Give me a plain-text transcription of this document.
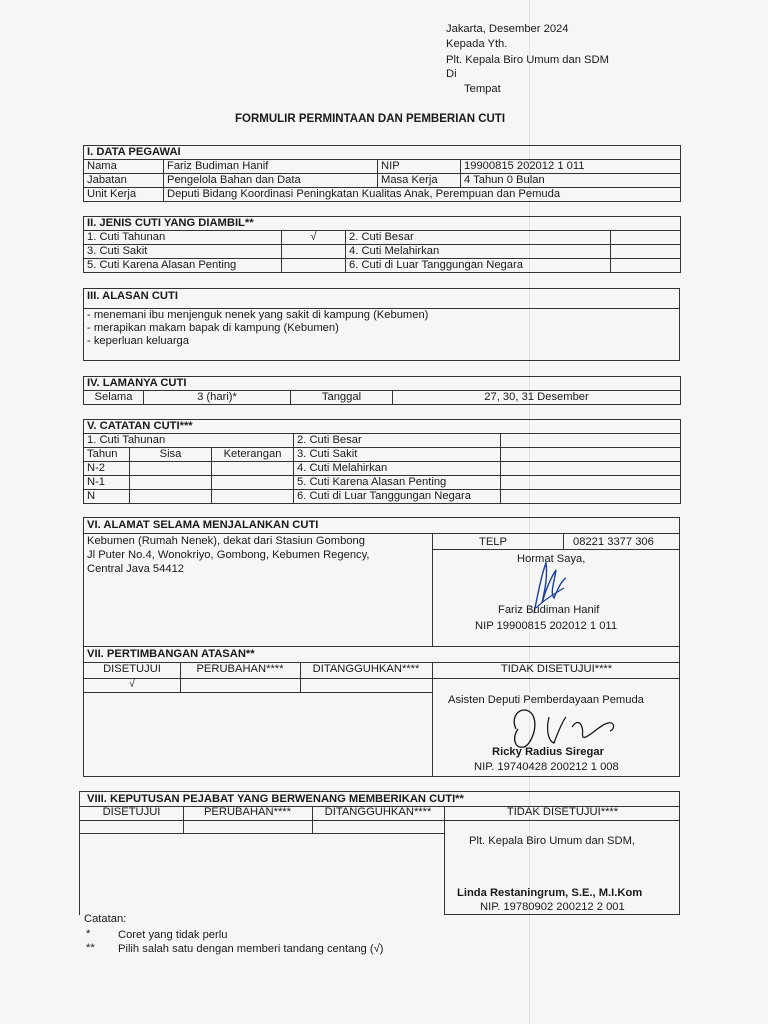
Jakarta, Desember 2024
Kepada Yth.
Plt. Kepala Biro Umum dan SDM
Di
Tempat
FORMULIR PERMINTAAN DAN PEMBERIAN CUTI
I. DATA PEGAWAI			
Nama	Fariz Budiman Hanif	NIP	19900815 202012 1 011
Jabatan	Pengelola Bahan dan Data	Masa Kerja	4 Tahun 0 Bulan
Unit Kerja	Deputi Bidang Koordinasi Peningkatan Kualitas Anak, Perempuan dan Pemuda		
II. JENIS CUTI YANG DIAMBIL**			
1. Cuti Tahunan	√	2. Cuti Besar	
3. Cuti Sakit		4. Cuti Melahirkan	
5. Cuti Karena Alasan Penting		6. Cuti di Luar Tanggungan Negara	
III. ALASAN CUTI
- menemani ibu menjenguk nenek yang sakit di kampung (Kebumen)
- merapikan makam bapak di kampung (Kebumen)
- keperluan keluarga
IV. LAMANYA CUTI
Selama	3 (hari)*	Tanggal	27, 30, 31 Desember
V. CATATAN CUTI***				
1. Cuti Tahunan			2. Cuti Besar	
Tahun	Sisa	Keterangan	3. Cuti Sakit	
N-2			4. Cuti Melahirkan	
N-1			5. Cuti Karena Alasan Penting	
N			6. Cuti di Luar Tanggungan Negara	
VI. ALAMAT SELAMA MENJALANKAN CUTI
Kebumen (Rumah Nenek), dekat dari Stasiun Gombong
Jl Puter No.4, Wonokriyo, Gombong, Kebumen Regency,
Central Java 54412
TELP	08221 3377 306
Hormat Saya,
Fariz Budiman Hanif
NIP 19900815 202012 1 011
VII. PERTIMBANGAN ATASAN**
DISETUJUI	PERUBAHAN****	DITANGGUHKAN****	TIDAK DISETUJUI****
√
Asisten Deputi Pemberdayaan Pemuda
Ricky Radius Siregar
NIP. 19740428 200212 1 008
VIII. KEPUTUSAN PEJABAT YANG BERWENANG MEMBERIKAN CUTI**
DISETUJUI	PERUBAHAN****	DITANGGUHKAN****	TIDAK DISETUJUI****
Plt. Kepala Biro Umum dan SDM,
Linda Restaningrum, S.E., M.I.Kom
NIP. 19780902 200212 2 001
Catatan:
* Coret yang tidak perlu
** Pilih salah satu dengan memberi tandang centang (√)
